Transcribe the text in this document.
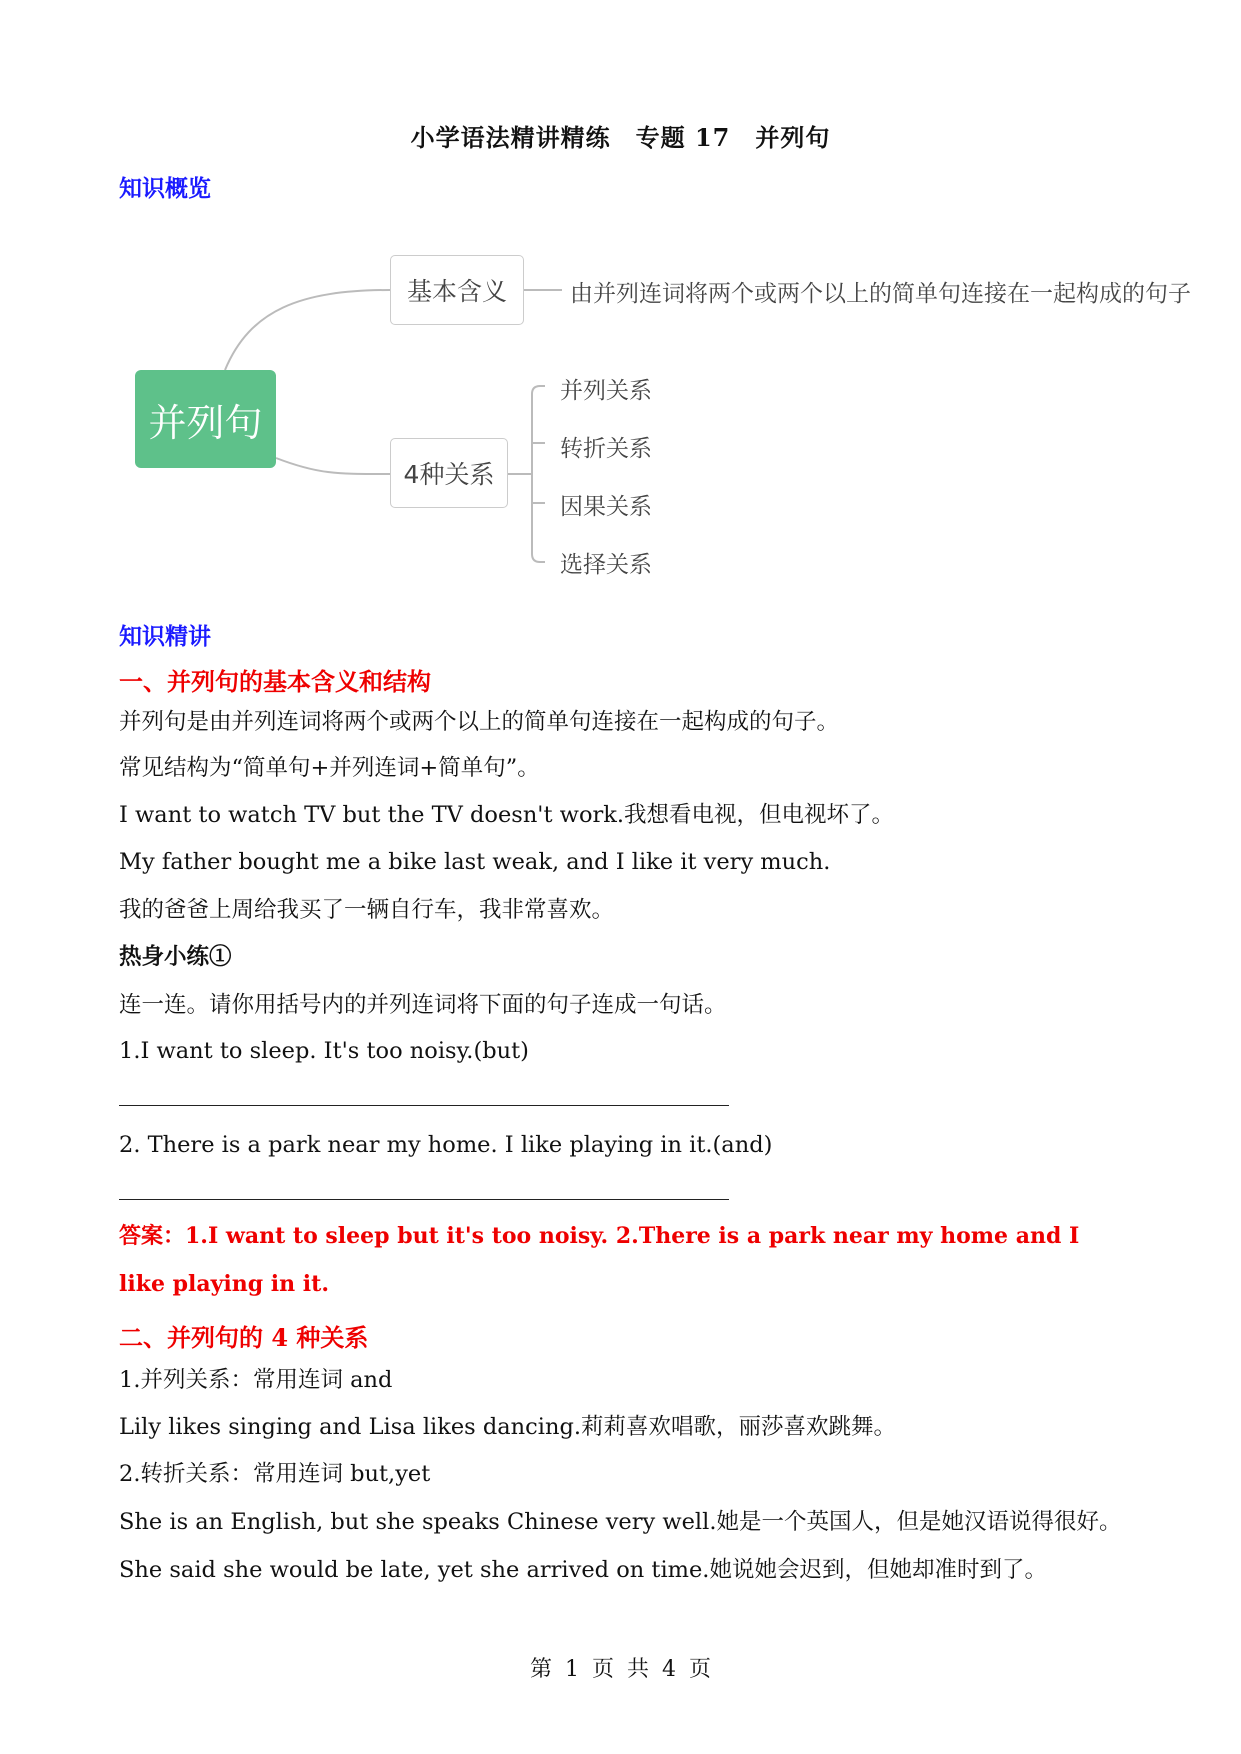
小学语法精讲精练　专题 17　并列句
知识概览
并列句
基本含义	由并列连词将两个或两个以上的简单句连接在一起构成的句子
4种关系
并列关系
转折关系
因果关系
选择关系
知识精讲
一、并列句的基本含义和结构
并列句是由并列连词将两个或两个以上的简单句连接在一起构成的句子。
常见结构为“简单句+并列连词+简单句”。
I want to watch TV but the TV doesn't work.我想看电视，但电视坏了。
My father bought me a bike last weak, and I like it very much.
我的爸爸上周给我买了一辆自行车，我非常喜欢。
热身小练①
连一连。请你用括号内的并列连词将下面的句子连成一句话。
1.I want to sleep. It's too noisy.(but)
2. There is a park near my home. I like playing in it.(and)
答案：1.I want to sleep but it's too noisy. 2.There is a park near my home and I like playing in it.
二、并列句的 4 种关系
1.并列关系：常用连词 and
Lily likes singing and Lisa likes dancing.莉莉喜欢唱歌，丽莎喜欢跳舞。
2.转折关系：常用连词 but,yet
She is an English, but she speaks Chinese very well.她是一个英国人，但是她汉语说得很好。
She said she would be late, yet she arrived on time.她说她会迟到，但她却准时到了。
第 1 页 共 4 页
